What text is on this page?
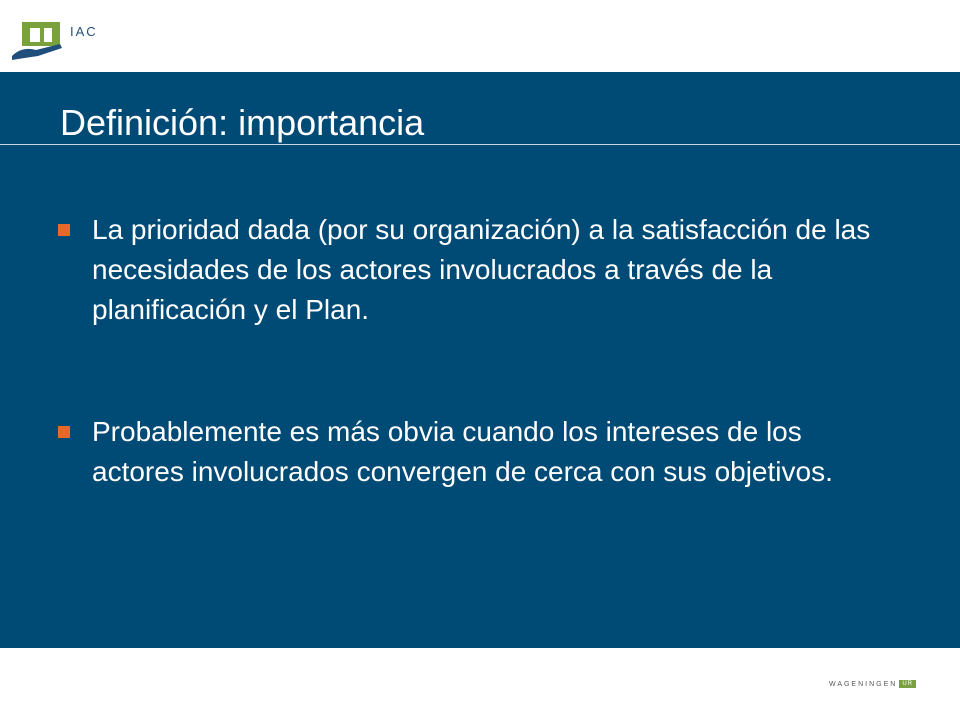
IAC
Definición: importancia
La prioridad dada (por su organización) a la satisfacción de las necesidades de los actores involucrados a través de la planificación y el Plan.
Probablemente es más obvia cuando los intereses de los actores involucrados convergen de cerca con sus objetivos.
WAGENINGEN UR
